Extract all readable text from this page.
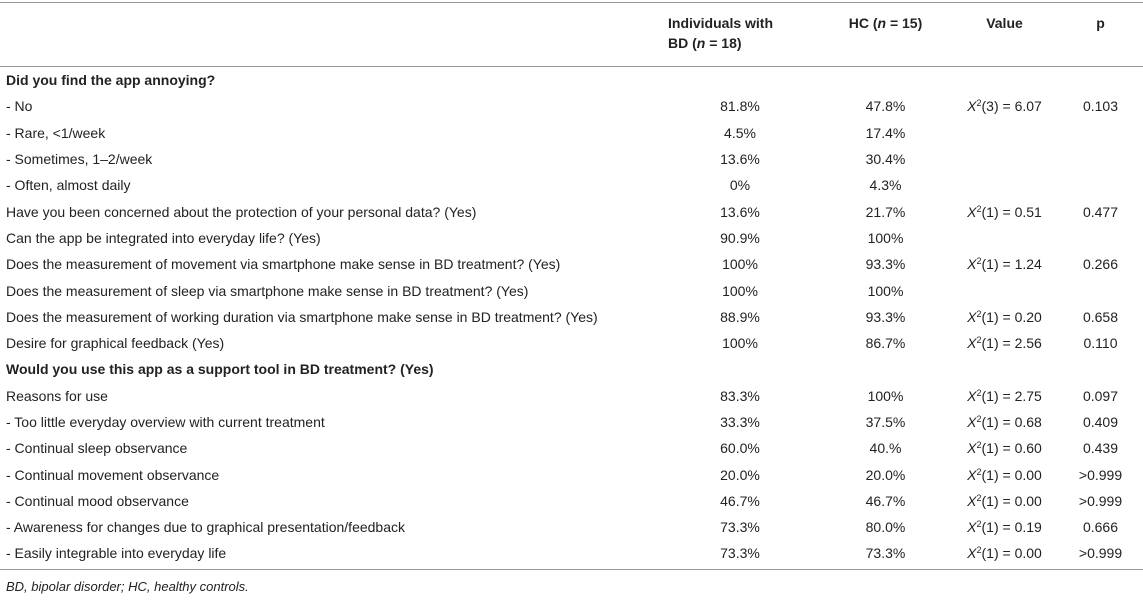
	Individuals with
BD (n = 18)	HC (n = 15)	Value	p
Did you find the app annoying?				
- No	81.8%	47.8%	$X^2(3) = 6.07$	0.103
- Rare, <1/week	4.5%	17.4%		
- Sometimes, 1–2/week	13.6%	30.4%		
- Often, almost daily	0%	4.3%		
Have you been concerned about the protection of your personal data? (Yes)	13.6%	21.7%	$X^2(1) = 0.51$	0.477
Can the app be integrated into everyday life? (Yes)	90.9%	100%		
Does the measurement of movement via smartphone make sense in BD treatment? (Yes)	100%	93.3%	$X^2(1) = 1.24$	0.266
Does the measurement of sleep via smartphone make sense in BD treatment? (Yes)	100%	100%		
Does the measurement of working duration via smartphone make sense in BD treatment? (Yes)	88.9%	93.3%	$X^2(1) = 0.20$	0.658
Desire for graphical feedback (Yes)	100%	86.7%	$X^2(1) = 2.56$	0.110
Would you use this app as a support tool in BD treatment? (Yes)				
Reasons for use	83.3%	100%	$X^2(1) = 2.75$	0.097
- Too little everyday overview with current treatment	33.3%	37.5%	$X^2(1) = 0.68$	0.409
- Continual sleep observance	60.0%	40.%	$X^2(1) = 0.60$	0.439
- Continual movement observance	20.0%	20.0%	$X^2(1) = 0.00$	>0.999
- Continual mood observance	46.7%	46.7%	$X^2(1) = 0.00$	>0.999
- Awareness for changes due to graphical presentation/feedback	73.3%	80.0%	$X^2(1) = 0.19$	0.666
- Easily integrable into everyday life	73.3%	73.3%	$X^2(1) = 0.00$	>0.999
BD, bipolar disorder; HC, healthy controls.
